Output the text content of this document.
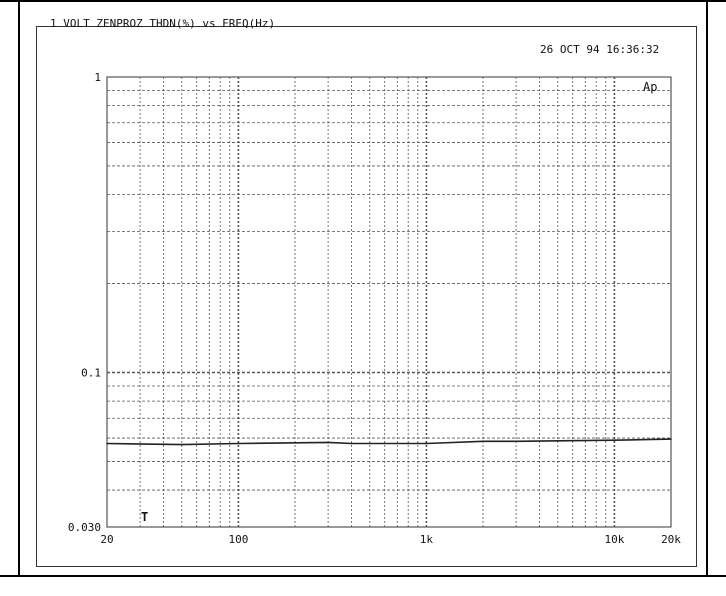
1
0.1
0.030
20	100	1k	10k	20k
Ap
T
1 VOLT ZENPROZ THDN(%) vs FREQ(Hz)
26 OCT 94 16:36:32
